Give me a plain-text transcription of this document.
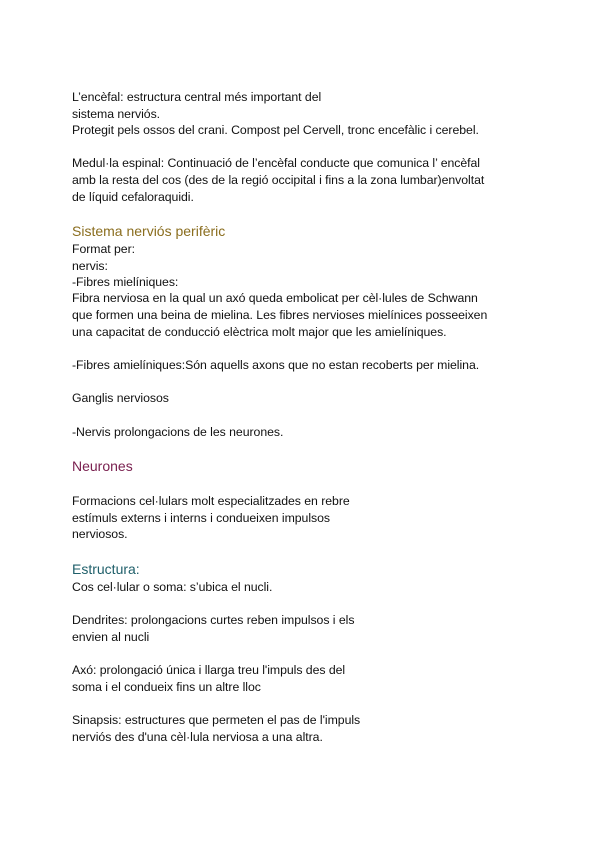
L’encèfal: estructura central més important del

sistema nerviós.

Protegit pels ossos del crani. Compost pel Cervell, tronc encefàlic i cerebel.

Medul·la espinal: Continuació de l’encèfal conducte que comunica l’ encèfal

amb la resta del cos (des de la regió occipital i fins a la zona lumbar)envoltat

de líquid cefaloraquidi.

Sistema nerviós perifèric

Format per:

nervis:

-Fibres mielíniques:

Fibra nerviosa en la qual un axó queda embolicat per cèl·lules de Schwann

que formen una beina de mielina. Les fibres nervioses mielínices posseeixen

una capacitat de conducció elèctrica molt major que les amielíniques.

-Fibres amielíniques:Són aquells axons que no estan recoberts per mielina.

Ganglis nerviosos

-Nervis prolongacions de les neurones.

Neurones

Formacions cel·lulars molt especialitzades en rebre

estímuls externs i interns i condueixen impulsos

nerviosos.

Estructura:

Cos cel·lular o soma: s’ubica el nucli.

Dendrites: prolongacions curtes reben impulsos i els

envien al nucli

Axó: prolongació única i llarga treu l'impuls des del

soma i el condueix fins un altre lloc

Sinapsis: estructures que permeten el pas de l'impuls

nerviós des d'una cèl·lula nerviosa a una altra.
